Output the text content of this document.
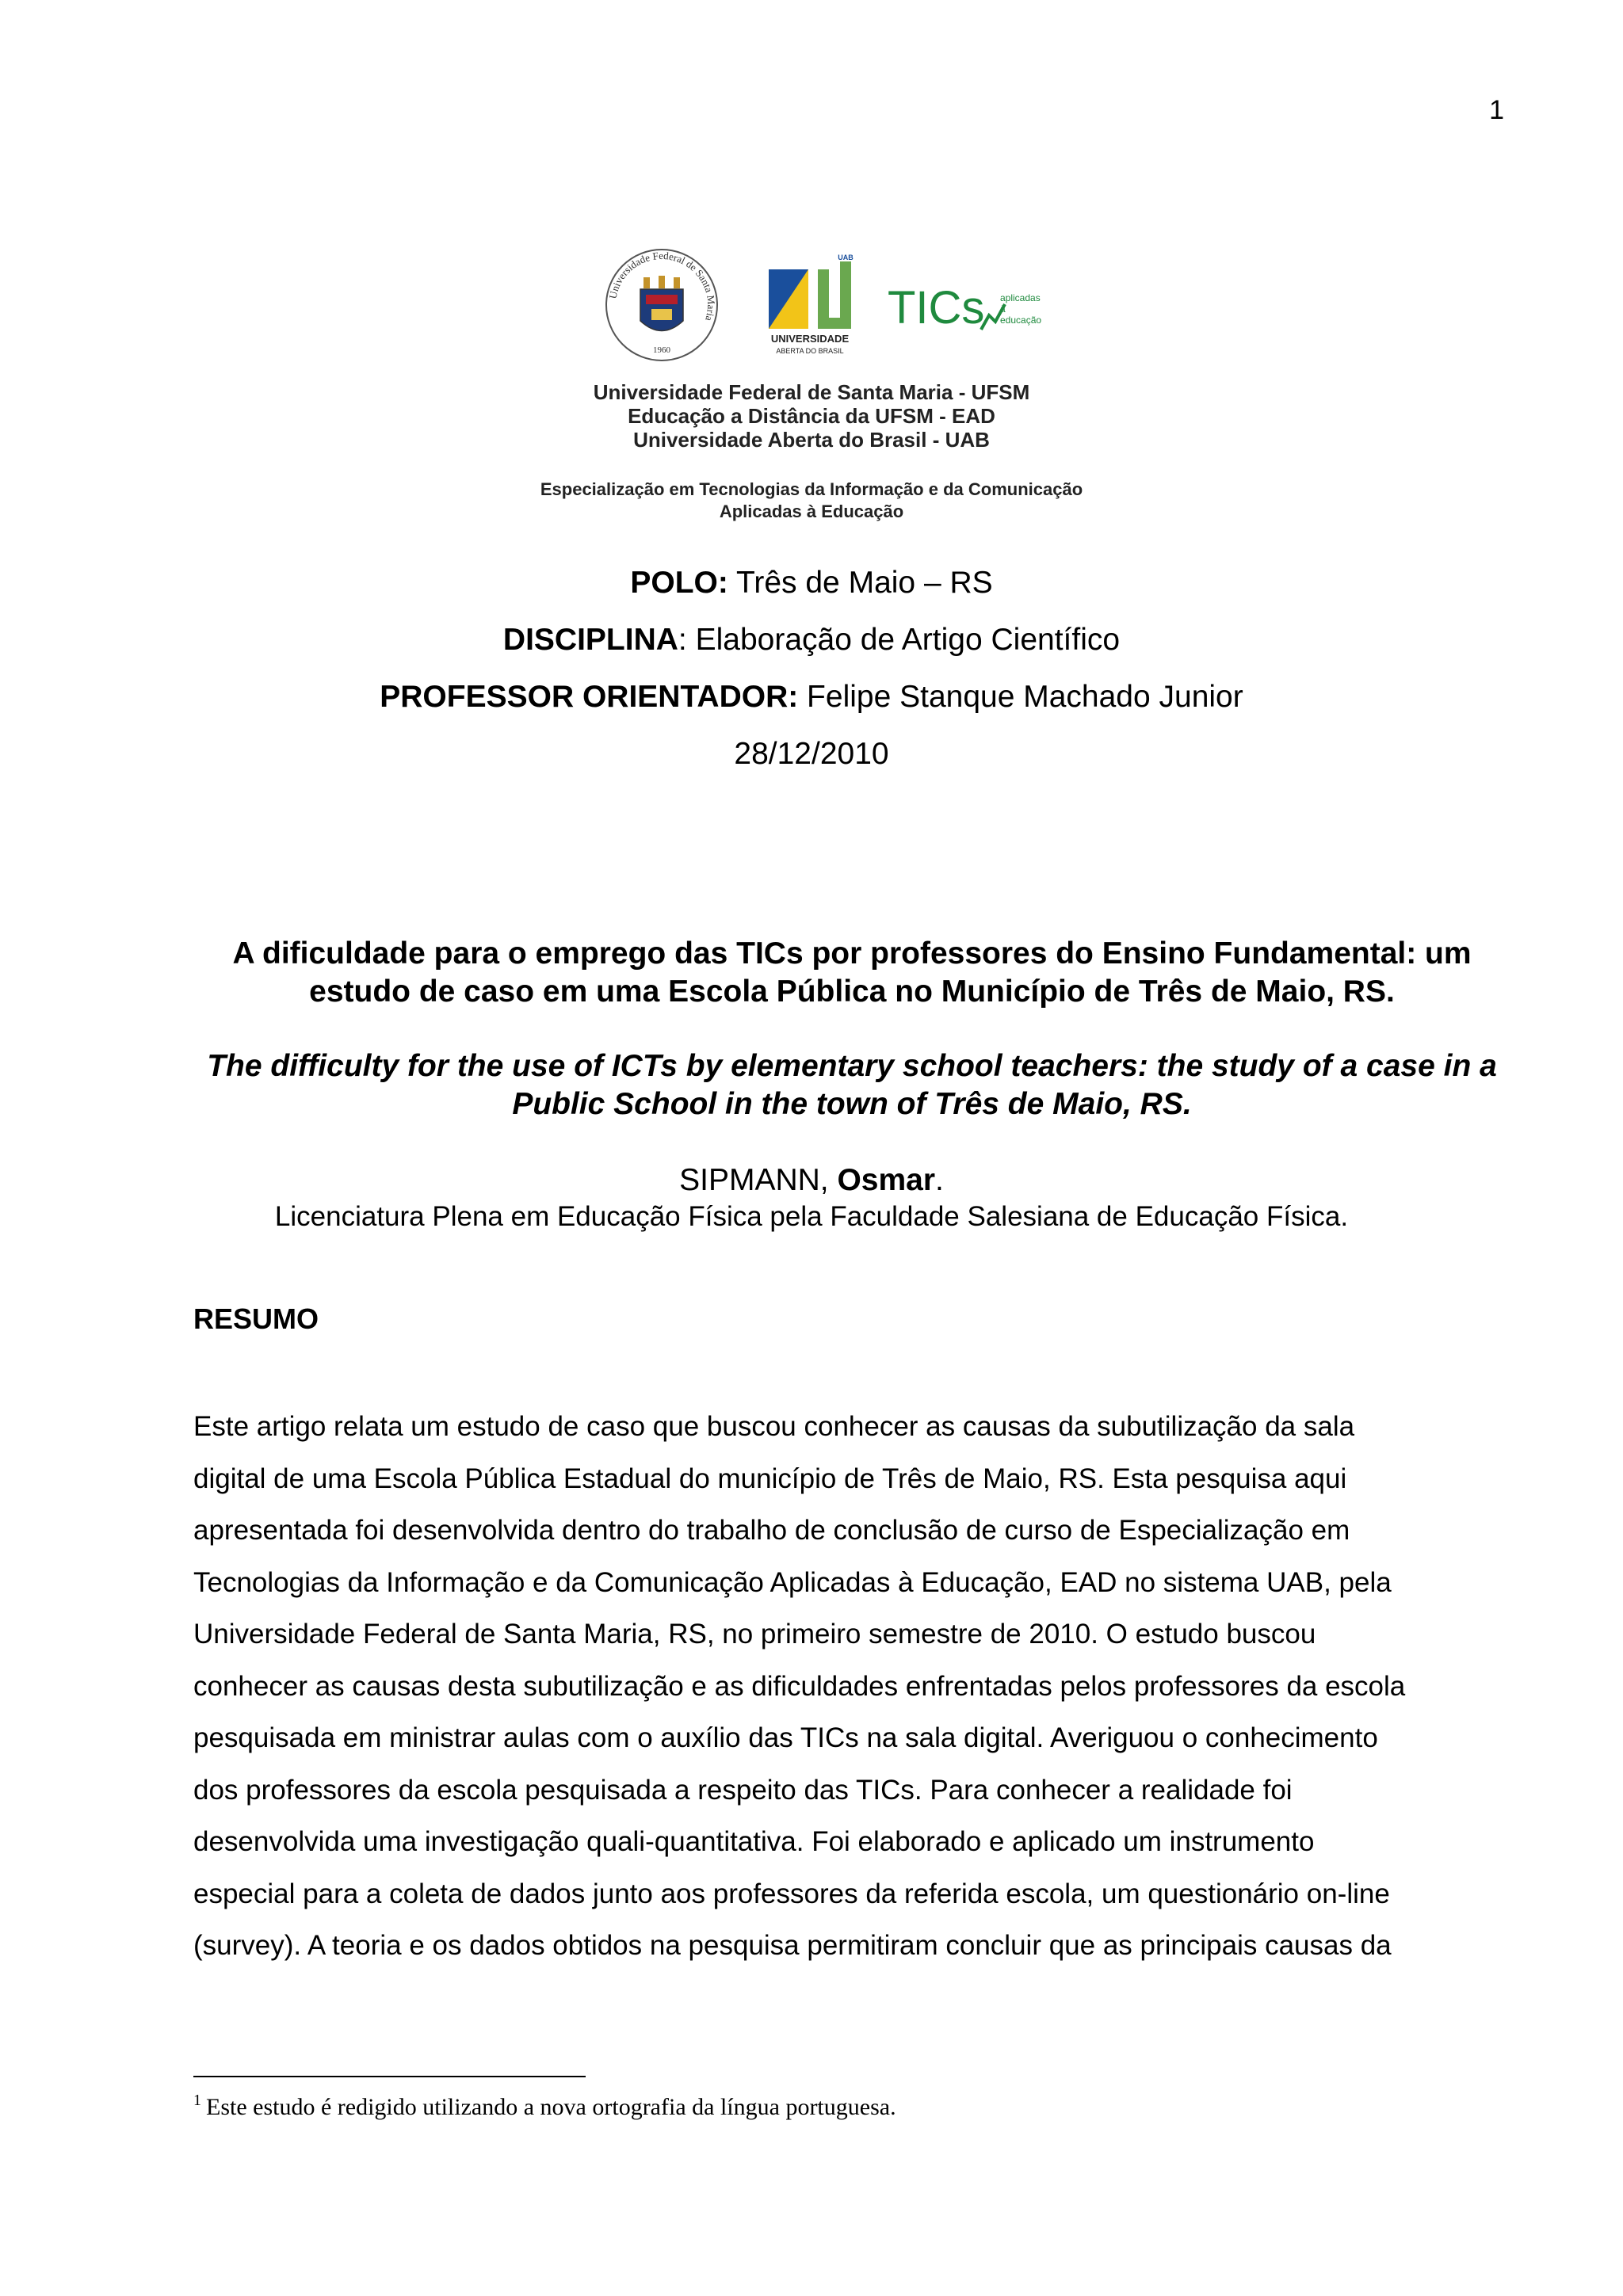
1
Universidade Federal de Santa Maria
1960
UAB
UNIVERSIDADE
ABERTA DO BRASIL
TICs aplicadas
à
educação
Universidade Federal de Santa Maria - UFSM
Educação a Distância da UFSM - EAD
Universidade Aberta do Brasil - UAB
Especialização em Tecnologias da Informação e da Comunicação
Aplicadas à Educação
POLO: Três de Maio – RS
DISCIPLINA: Elaboração de Artigo Científico
PROFESSOR ORIENTADOR: Felipe Stanque Machado Junior
28/12/2010
A dificuldade para o emprego das TICs por professores do Ensino Fundamental: um estudo de caso em uma Escola Pública no Município de Três de Maio, RS.
The difficulty for the use of ICTs by elementary school teachers: the study of a case in a Public School in the town of Três de Maio, RS.
SIPMANN, Osmar.
Licenciatura Plena em Educação Física pela Faculdade Salesiana de Educação Física.
RESUMO
Este artigo relata um estudo de caso que buscou conhecer as causas da subutilização da sala
digital de uma Escola Pública Estadual do município de Três de Maio, RS. Esta pesquisa aqui
apresentada foi desenvolvida dentro do trabalho de conclusão de curso de Especialização em
Tecnologias da Informação e da Comunicação Aplicadas à Educação, EAD no sistema UAB, pela
Universidade Federal de Santa Maria, RS, no primeiro semestre de 2010. O estudo buscou
conhecer as causas desta subutilização e as dificuldades enfrentadas pelos professores da escola
pesquisada em ministrar aulas com o auxílio das TICs na sala digital. Averiguou o conhecimento
dos professores da escola pesquisada a respeito das TICs. Para conhecer a realidade foi
desenvolvida uma investigação quali-quantitativa. Foi elaborado e aplicado um instrumento
especial para a coleta de dados junto aos professores da referida escola, um questionário on-line
(survey). A teoria e os dados obtidos na pesquisa permitiram concluir que as principais causas da
$^1$ Este estudo é redigido utilizando a nova ortografia da língua portuguesa.
